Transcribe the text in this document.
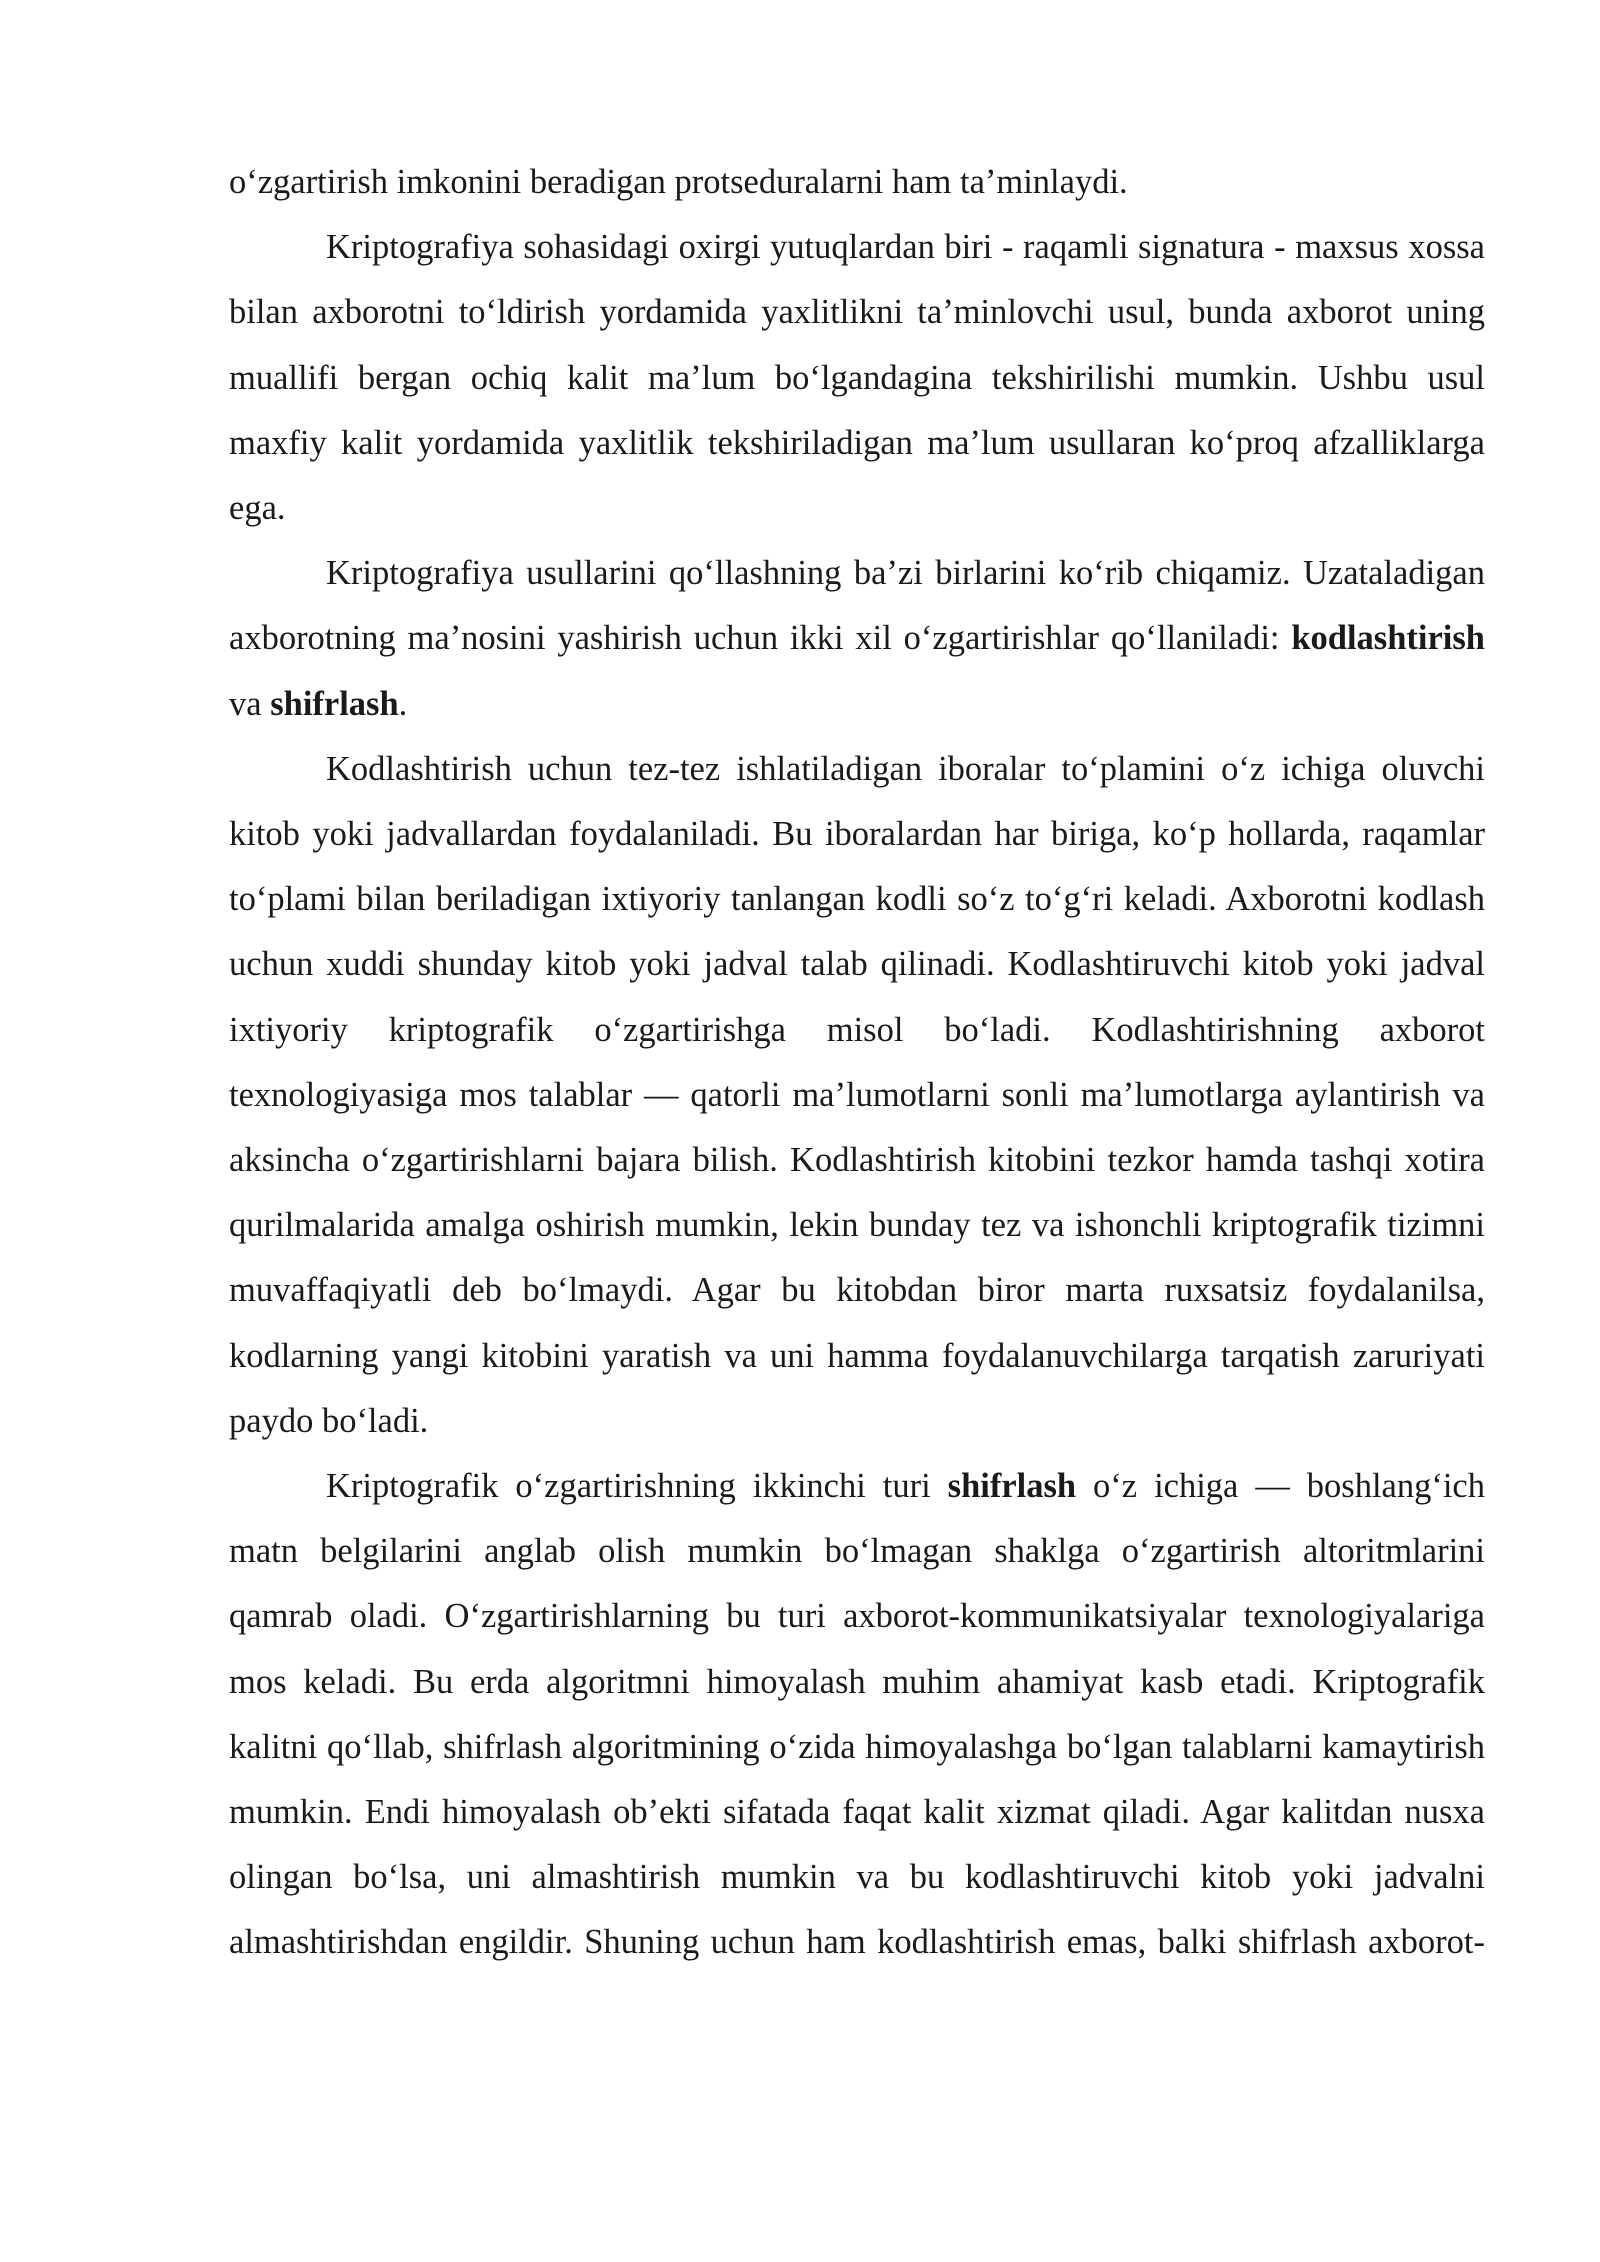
oʻzgartirish imkonini beradigan protseduralarni ham taʼminlaydi.

Kriptografiya sohasidagi oxirgi yutuqlardan biri - raqamli signatura - maxsus xossa bilan axborotni toʻldirish yordamida yaxlitlikni taʼminlovchi usul, bunda axborot uning muallifi bergan ochiq kalit maʼlum boʻlgandagina tekshirilishi mumkin. Ushbu usul maxfiy kalit yordamida yaxlitlik tekshiriladigan maʼlum usullaran koʻproq afzalliklarga ega.

Kriptografiya usullarini qoʻllashning baʼzi birlarini koʻrib chiqamiz. Uzataladigan axborotning maʼnosini yashirish uchun ikki xil oʻzgartirishlar qoʻllaniladi: kodlashtirish va shifrlash.

Kodlashtirish uchun tez-tez ishlatiladigan iboralar toʻplamini oʻz ichiga oluvchi kitob yoki jadvallardan foydalaniladi. Bu iboralardan har biriga, koʻp hollarda, raqamlar toʻplami bilan beriladigan ixtiyoriy tanlangan kodli soʻz toʻgʻri keladi. Axborotni kodlash uchun xuddi shunday kitob yoki jadval talab qilinadi. Kodlashtiruvchi kitob yoki jadval ixtiyoriy kriptografik oʻzgartirishga misol boʻladi. Kodlashtirishning axborot texnologiyasiga mos talablar — qatorli maʼlumotlarni sonli maʼlumotlarga aylantirish va aksincha oʻzgartirishlarni bajara bilish. Kodlashtirish kitobini tezkor hamda tashqi xotira qurilmalarida amalga oshirish mumkin, lekin bunday tez va ishonchli kriptografik tizimni muvaffaqiyatli deb boʻlmaydi. Agar bu kitobdan biror marta ruxsatsiz foydalanilsa, kodlarning yangi kitobini yaratish va uni hamma foydalanuvchilarga tarqatish zaruriyati paydo boʻladi.

Kriptografik oʻzgartirishning ikkinchi turi shifrlash oʻz ichiga — boshlangʻich matn belgilarini anglab olish mumkin boʻlmagan shaklga oʻzgartirish altoritmlarini qamrab oladi. Oʻzgartirishlarning bu turi axborot-kommunikatsiyalar texnologiyalariga mos keladi. Bu erda algoritmni himoyalash muhim ahamiyat kasb etadi. Kriptografik kalitni qoʻllab, shifrlash algoritmining oʻzida himoyalashga boʻlgan talablarni kamaytirish mumkin. Endi himoyalash obʼekti sifatada faqat kalit xizmat qiladi. Agar kalitdan nusxa olingan boʻlsa, uni almashtirish mumkin va bu kodlashtiruvchi kitob yoki jadvalni almashtirishdan engildir. Shuning uchun ham kodlashtirish emas, balki shifrlash axborot-
